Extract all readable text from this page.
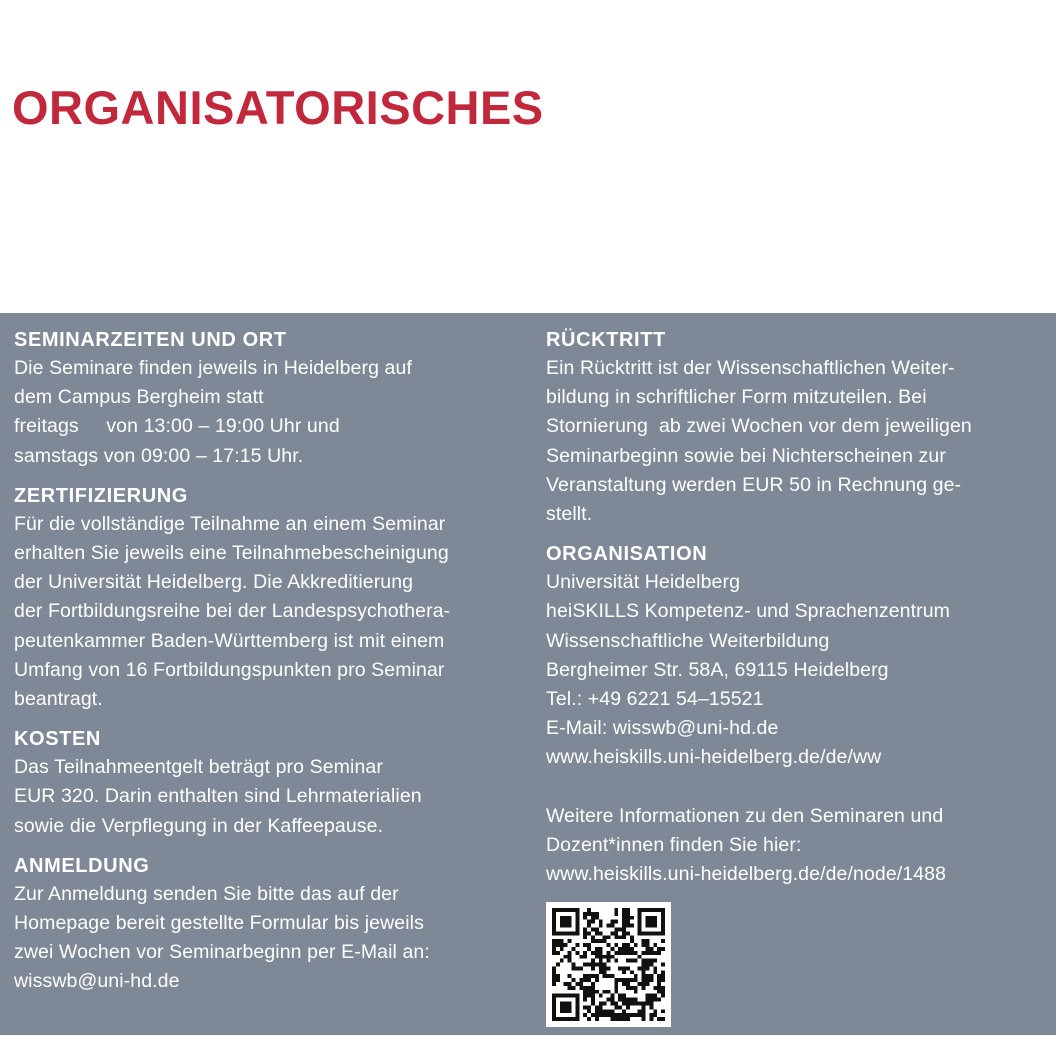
ORGANISATORISCHES
SEMINARZEITEN UND ORT
Die Seminare finden jeweils in Heidelberg auf
dem Campus Bergheim statt
freitags     von 13:00 – 19:00 Uhr und
samstags von 09:00 – 17:15 Uhr.
ZERTIFIZIERUNG
Für die vollständige Teilnahme an einem Seminar
erhalten Sie jeweils eine Teilnahmebescheinigung
der Universität Heidelberg. Die Akkreditierung
der Fortbildungsreihe bei der Landespsychothera-
peutenkammer Baden-Württemberg ist mit einem
Umfang von 16 Fortbildungspunkten pro Seminar
beantragt.
KOSTEN
Das Teilnahmeentgelt beträgt pro Seminar
EUR 320. Darin enthalten sind Lehrmaterialien
sowie die Verpflegung in der Kaffeepause.
ANMELDUNG
Zur Anmeldung senden Sie bitte das auf der
Homepage bereit gestellte Formular bis jeweils
zwei Wochen vor Seminarbeginn per E-Mail an:
wisswb@uni-hd.de
RÜCKTRITT
Ein Rücktritt ist der Wissenschaftlichen Weiter-
bildung in schriftlicher Form mitzuteilen. Bei
Stornierung  ab zwei Wochen vor dem jeweiligen
Seminarbeginn sowie bei Nichterscheinen zur
Veranstaltung werden EUR 50 in Rechnung ge-
stellt.
ORGANISATION
Universität Heidelberg
heiSKILLS Kompetenz- und Sprachenzentrum
Wissenschaftliche Weiterbildung
Bergheimer Str. 58A, 69115 Heidelberg
Tel.: +49 6221 54–15521
E-Mail: wisswb@uni-hd.de
www.heiskills.uni-heidelberg.de/de/ww
Weitere Informationen zu den Seminaren und
Dozent*innen finden Sie hier:
www.heiskills.uni-heidelberg.de/de/node/1488
